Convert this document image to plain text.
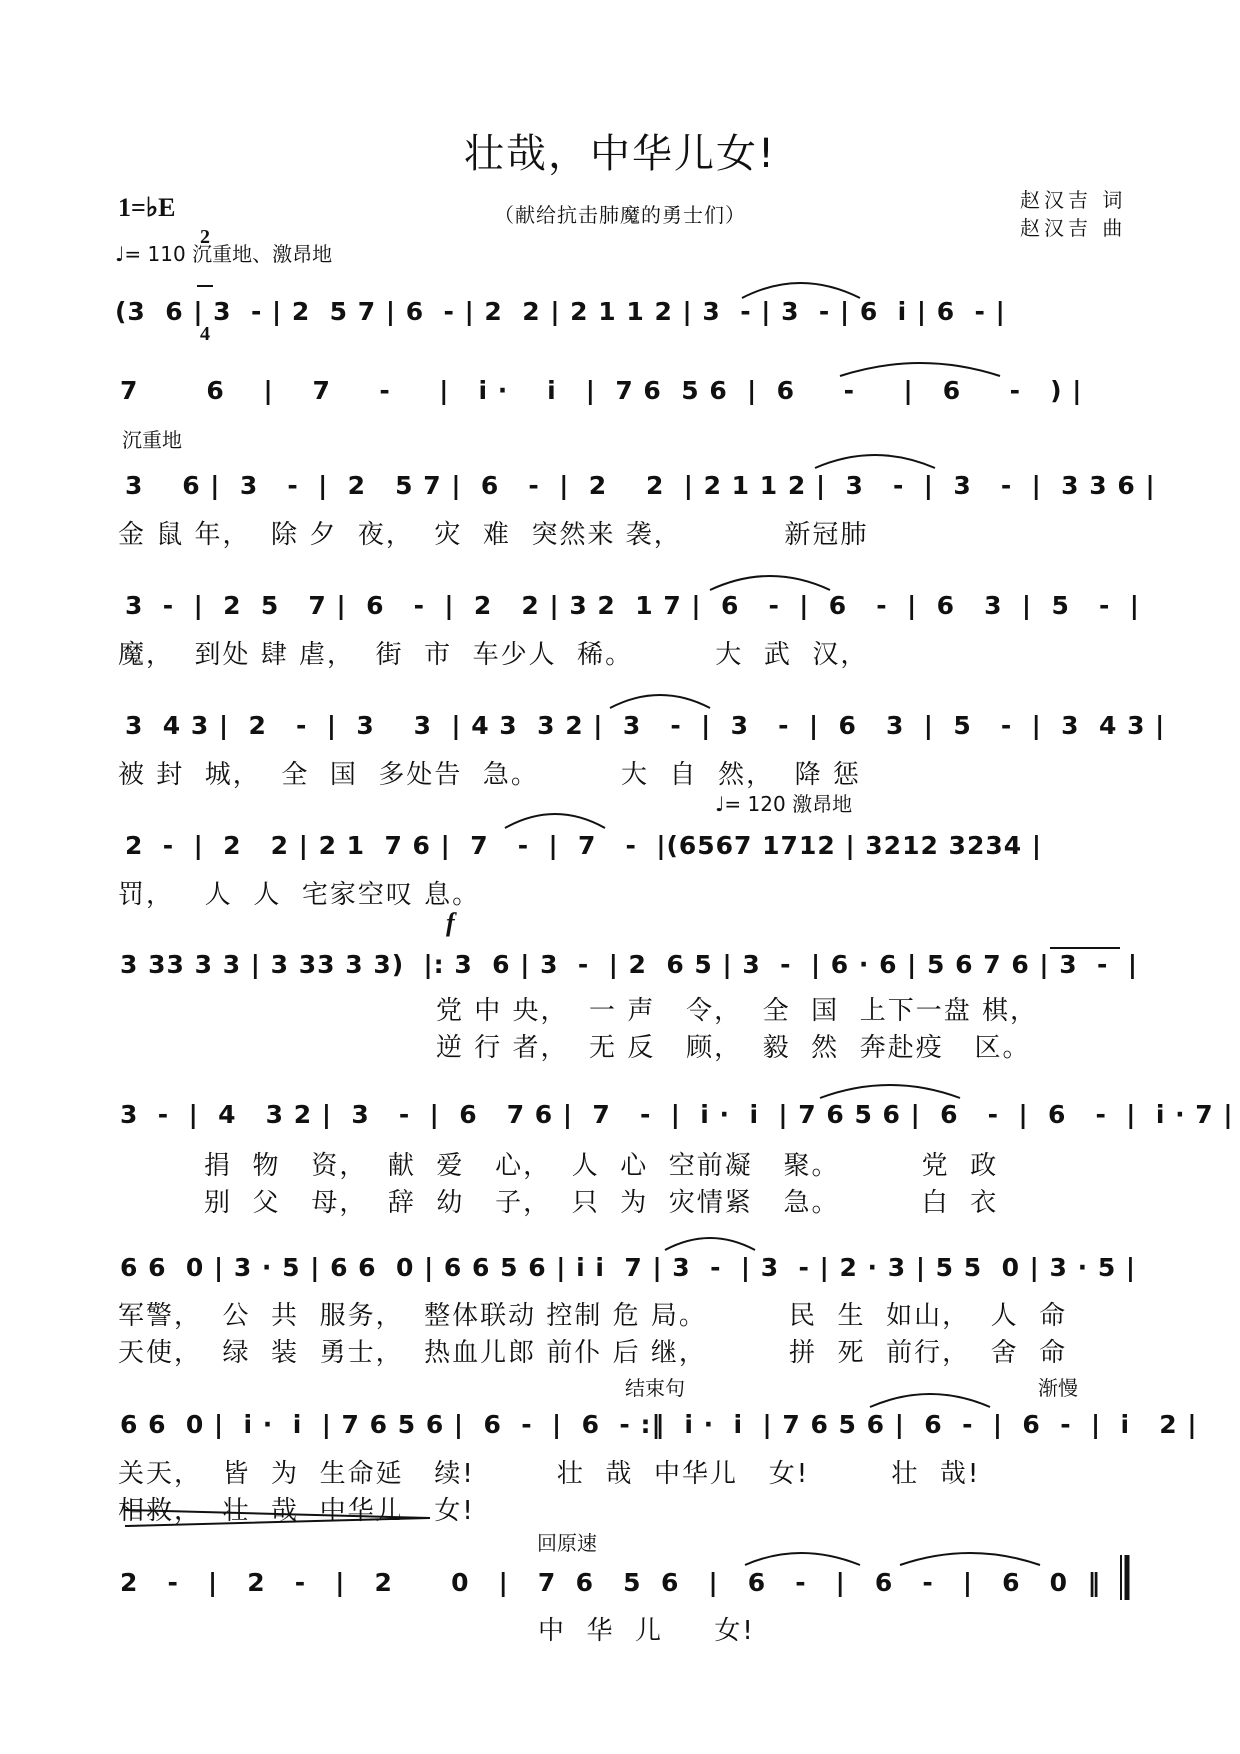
壮哉，中华儿女!
（献给抗击肺魔的勇士们）
赵汉吉 词
赵汉吉 曲
1=♭E

2

4

♩= 110 沉重地、激昂地
(3  6 | 3  - | 2  5 7 | 6  - | 2  2 | 2 1 1 2 | 3  - | 3  - | 6  i | 6  - |
7       6    |    7     -     |   i ·    i   |  7 6  5 6  |  6     -     |   6     -   ) |
沉重地
3    6 |  3   -  |  2   5 7 |  6   -  |  2    2  | 2 1 1 2 |  3   -  |  3   -  |  3 3 6 |
金 鼠 年，  除 夕  夜，  灾  难  突然来 袭，          新冠肺
3  -  |  2  5   7 |  6   -  |  2   2 | 3 2  1 7 |  6   -  |  6   -  |  6   3  |  5   -  |
魔，  到处 肆 虐，  街  市  车少人  稀。        大  武  汉，
3  4 3 |  2   -  |  3    3  | 4 3  3 2 |  3   -  |  3   -  |  6   3  |  5   -  |  3  4 3 |
被 封  城，  全  国  多处告  急。        大  自  然，  降 惩
♩= 120 激昂地
2  -  |  2   2 | 2 1  7 6 |  7   -  |  7   -  |(6567 1712 | 3212 3234 |
罚，   人  人  宅家空叹 息。
f
3 33 3 3 | 3 33 3 3)  |: 3  6 | 3  -  | 2  6 5 | 3  -  | 6 · 6 | 5 6 7 6 | 3  -  |
党 中 央，  一 声   令，  全  国  上下一盘 棋，
逆 行 者，  无 反   顾，  毅  然  奔赴疫   区。
3  -  |  4   3 2 |  3   -  |  6   7 6 |  7   -  |  i ·  i  | 7 6 5 6 |  6   -  |  6   -  |  i · 7 |
捐  物   资，  献  爱   心，  人  心  空前凝   聚。        党  政
别  父   母，  辞  幼   子，  只  为  灾情紧   急。        白  衣
6 6  0 | 3 · 5 | 6 6  0 | 6 6 5 6 | i i  7 | 3  -  | 3  - | 2 · 3 | 5 5  0 | 3 · 5 |
军警，  公  共  服务，  整体联动 控制 危 局。        民  生  如山，  人  命
天使，  绿  装  勇士，  热血儿郎 前仆 后 继，        拼  死  前行，  舍  命
结束句	渐慢
6 6  0 |  i ·  i  | 7 6 5 6 |  6  -  |  6  - :‖  i ·  i  | 7 6 5 6 |  6  -  |  6  -  |  i   2 |
关天，  皆  为  生命延   续!        壮  哉  中华儿   女!        壮  哉!
相救，  壮  哉  中华儿   女!
回原速
2   -   |   2   -   |   2      0   |   7  6   5  6   |   6   -   |   6   -   |   6   0  ‖
中  华  儿     女!
